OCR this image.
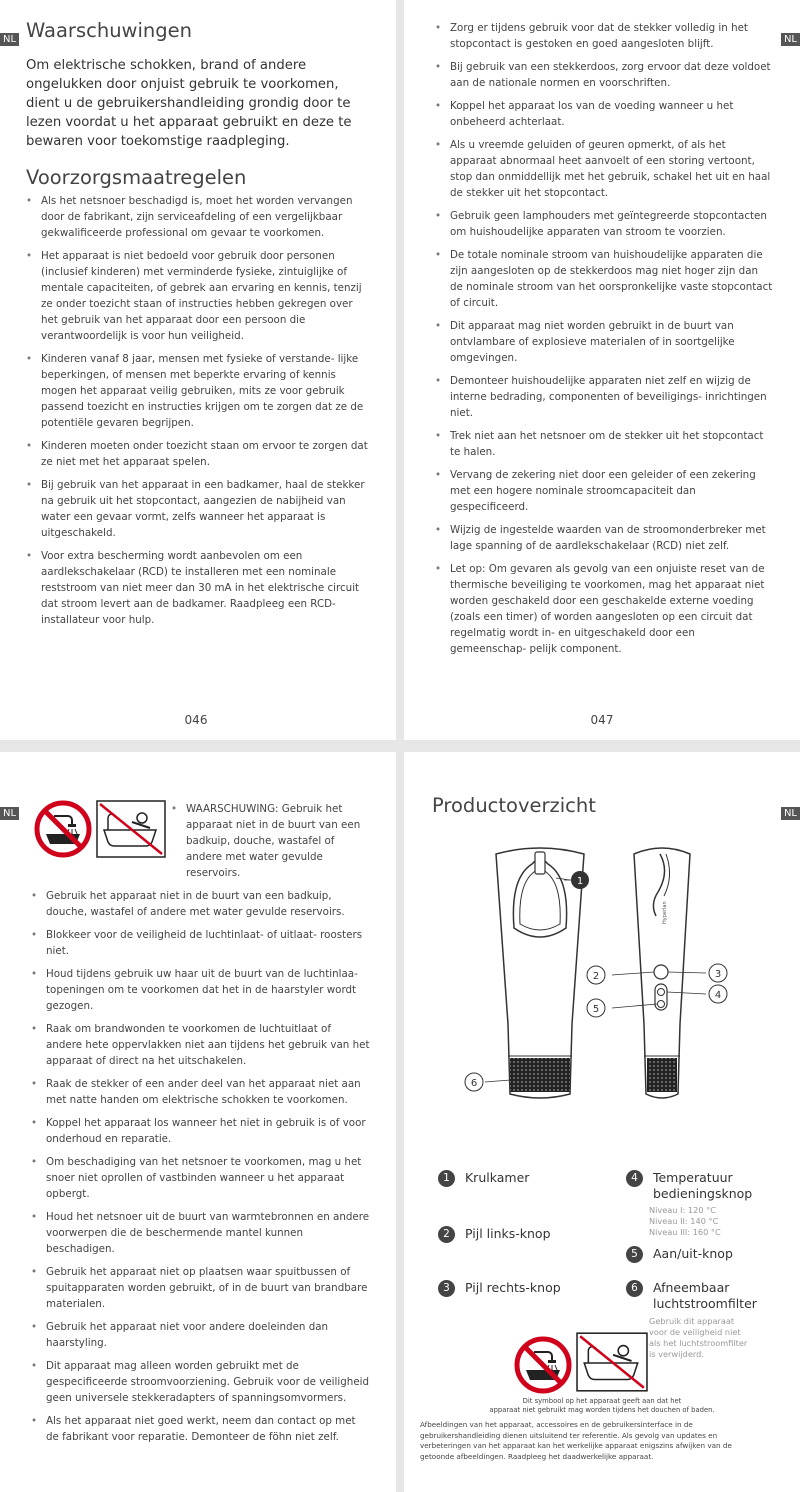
NL Waarschuwingen
Om elektrische schokken, brand of andere
ongelukken door onjuist gebruik te voorkomen,
dient u de gebruikershandleiding grondig door te
lezen voordat u het apparaat gebruikt en deze te
bewaren voor toekomstige raadpleging.
Voorzorgsmaatregelen
• Als het netsnoer beschadigd is, moet het worden vervangen door de fabrikant, zijn serviceafdeling of een vergelijkbaar gekwalificeerde professional om gevaar te voorkomen.
• Het apparaat is niet bedoeld voor gebruik door personen (inclusief kinderen) met verminderde fysieke, zintuiglijke of mentale capaciteiten, of gebrek aan ervaring en kennis, tenzij ze onder toezicht staan of instructies hebben gekregen over het gebruik van het apparaat door een persoon die verantwoordelijk is voor hun veiligheid.
• Kinderen vanaf 8 jaar, mensen met fysieke of verstande- lijke beperkingen, of mensen met beperkte ervaring of kennis mogen het apparaat veilig gebruiken, mits ze voor gebruik passend toezicht en instructies krijgen om te zorgen dat ze de potentiële gevaren begrijpen.
• Kinderen moeten onder toezicht staan om ervoor te zorgen dat ze niet met het apparaat spelen.
• Bij gebruik van het apparaat in een badkamer, haal de stekker na gebruik uit het stopcontact, aangezien de nabijheid van water een gevaar vormt, zelfs wanneer het apparaat is uitgeschakeld.
• Voor extra bescherming wordt aanbevolen om een aardlekschakelaar (RCD) te installeren met een nominale reststroom van niet meer dan 30 mA in het elektrische circuit dat stroom levert aan de badkamer. Raadpleeg een RCD-installateur voor hulp.
046
NL
• Zorg er tijdens gebruik voor dat de stekker volledig in het stopcontact is gestoken en goed aangesloten blijft.
• Bij gebruik van een stekkerdoos, zorg ervoor dat deze voldoet aan de nationale normen en voorschriften.
• Koppel het apparaat los van de voeding wanneer u het onbeheerd achterlaat.
• Als u vreemde geluiden of geuren opmerkt, of als het apparaat abnormaal heet aanvoelt of een storing vertoont, stop dan onmiddellijk met het gebruik, schakel het uit en haal de stekker uit het stopcontact.
• Gebruik geen lamphouders met geïntegreerde stopcontacten om huishoudelijke apparaten van stroom te voorzien.
• De totale nominale stroom van huishoudelijke apparaten die zijn aangesloten op de stekkerdoos mag niet hoger zijn dan de nominale stroom van het oorspronkelijke vaste stopcontact of circuit.
• Dit apparaat mag niet worden gebruikt in de buurt van ontvlambare of explosieve materialen of in soortgelijke omgevingen.
• Demonteer huishoudelijke apparaten niet zelf en wijzig de interne bedrading, componenten of beveiligings- inrichtingen niet.
• Trek niet aan het netsnoer om de stekker uit het stopcontact te halen.
• Vervang de zekering niet door een geleider of een zekering met een hogere nominale stroomcapaciteit dan gespecificeerd.
• Wijzig de ingestelde waarden van de stroomonderbreker met lage spanning of de aardlekschakelaar (RCD) niet zelf.
• Let op: Om gevaren als gevolg van een onjuiste reset van de thermische beveiliging te voorkomen, mag het apparaat niet worden geschakeld door een geschakelde externe voeding (zoals een timer) of worden aangesloten op een circuit dat regelmatig wordt in- en uitgeschakeld door een gemeenschap- pelijk component.
047
NL	• WAARSCHUWING: Gebruik het
apparaat niet in de buurt van een
badkuip, douche, wastafel of
andere met water gevulde
reservoirs.
• Gebruik het apparaat niet in de buurt van een badkuip, douche, wastafel of andere met water gevulde reservoirs.
• Blokkeer voor de veiligheid de luchtinlaat- of uitlaat- roosters niet.
• Houd tijdens gebruik uw haar uit de buurt van de luchtinlaa- topeningen om te voorkomen dat het in de haarstyler wordt gezogen.
• Raak om brandwonden te voorkomen de luchtuitlaat of andere hete oppervlakken niet aan tijdens het gebruik van het apparaat of direct na het uitschakelen.
• Raak de stekker of een ander deel van het apparaat niet aan met natte handen om elektrische schokken te voorkomen.
• Koppel het apparaat los wanneer het niet in gebruik is of voor onderhoud en reparatie.
• Om beschadiging van het netsnoer te voorkomen, mag u het snoer niet oprollen of vastbinden wanneer u het apparaat opbergt.
• Houd het netsnoer uit de buurt van warmtebronnen en andere voorwerpen die de beschermende mantel kunnen beschadigen.
• Gebruik het apparaat niet op plaatsen waar spuitbussen of spuitapparaten worden gebruikt, of in de buurt van brandbare materialen.
• Gebruik het apparaat niet voor andere doeleinden dan haarstyling.
• Dit apparaat mag alleen worden gebruikt met de gespecificeerde stroomvoorziening. Gebruik voor de veiligheid geen universele stekkeradapters of spanningsomvormers.
• Als het apparaat niet goed werkt, neem dan contact op met de fabrikant voor reparatie. Demonteer de föhn niet zelf.
NL
Productoverzicht
Hyperlan
1
2	3
4
5
6
1 Krulkamer
2 Pijl links-knop
3 Pijl rechts-knop
4 Temperatuur
bedieningsknop
Niveau I: 120 °C
Niveau II: 140 °C
Niveau III: 160 °C
5 Aan/uit-knop
6 Afneembaar
luchtstroomfilter
Gebruik dit apparaat
voor de veiligheid niet
als het luchtstroomfilter
is verwijderd.
Dit symbool op het apparaat geeft aan dat het
apparaat niet gebruikt mag worden tijdens het douchen of baden.
Afbeeldingen van het apparaat, accessoires en de gebruikersinterface in de
gebruikershandleiding dienen uitsluitend ter referentie. Als gevolg van updates en
verbeteringen van het apparaat kan het werkelijke apparaat enigszins afwijken van de
getoonde afbeeldingen. Raadpleeg het daadwerkelijke apparaat.
